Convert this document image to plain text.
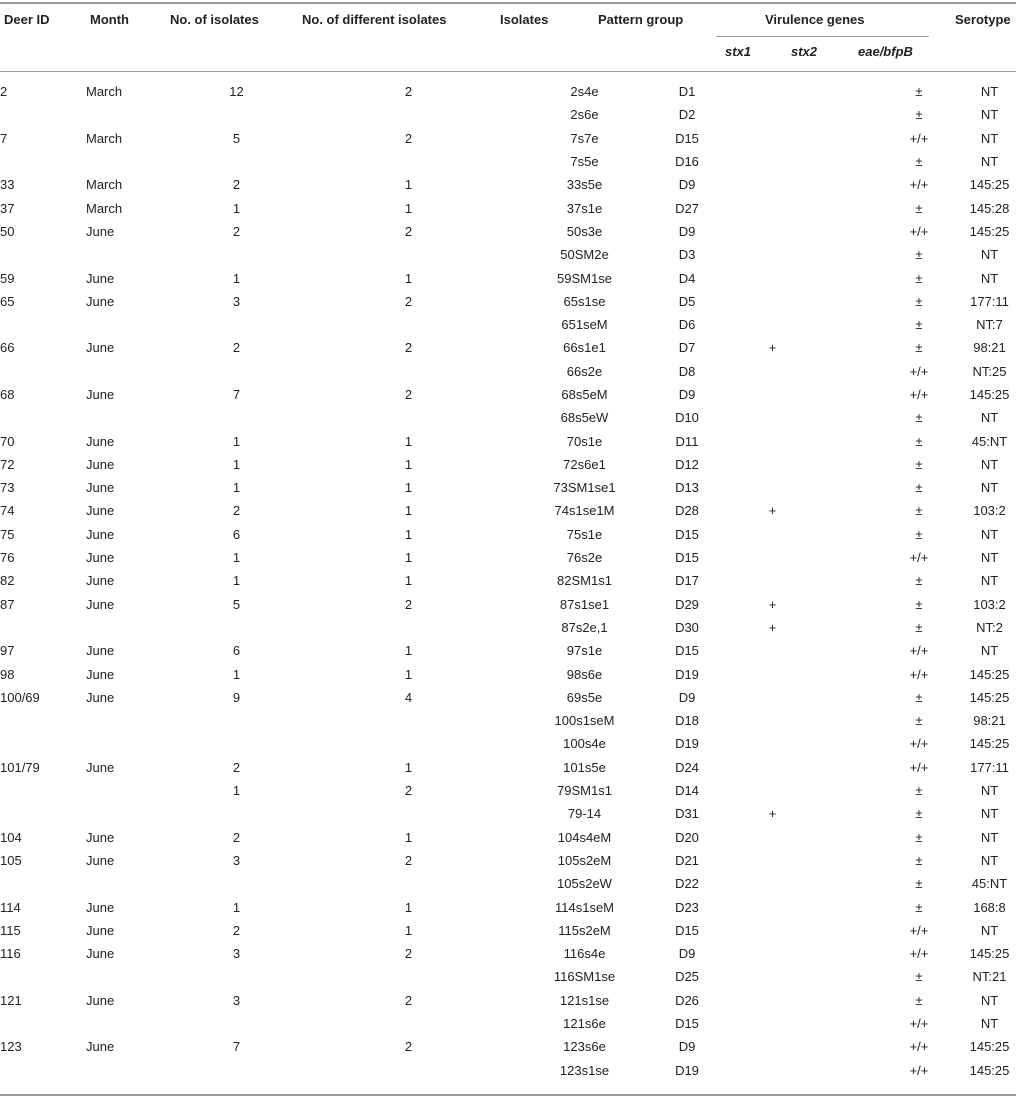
Deer ID	Month	No. of isolates	No. of different isolates	Isolates	Pattern group	Virulence genes	Serotype
stx1	stx2	eae/bfpB
2	March	12	2	2s4e	D1			±	NT
				2s6e	D2			±	NT
7	March	5	2	7s7e	D15			+/+	NT
				7s5e	D16			±	NT
33	March	2	1	33s5e	D9			+/+	145:25
37	March	1	1	37s1e	D27			±	145:28
50	June	2	2	50s3e	D9			+/+	145:25
				50SM2e	D3			±	NT
59	June	1	1	59SM1se	D4			±	NT
65	June	3	2	65s1se	D5			±	177:11
				651seM	D6			±	NT:7
66	June	2	2	66s1e1	D7	+		±	98:21
				66s2e	D8			+/+	NT:25
68	June	7	2	68s5eM	D9			+/+	145:25
				68s5eW	D10			±	NT
70	June	1	1	70s1e	D11			±	45:NT
72	June	1	1	72s6e1	D12			±	NT
73	June	1	1	73SM1se1	D13			±	NT
74	June	2	1	74s1se1M	D28	+		±	103:2
75	June	6	1	75s1e	D15			±	NT
76	June	1	1	76s2e	D15			+/+	NT
82	June	1	1	82SM1s1	D17			±	NT
87	June	5	2	87s1se1	D29	+		±	103:2
				87s2e,1	D30	+		±	NT:2
97	June	6	1	97s1e	D15			+/+	NT
98	June	1	1	98s6e	D19			+/+	145:25
100/69	June	9	4	69s5e	D9			±	145:25
				100s1seM	D18			±	98:21
				100s4e	D19			+/+	145:25
101/79	June	2	1	101s5e	D24			+/+	177:11
		1	2	79SM1s1	D14			±	NT
				79-14	D31	+		±	NT
104	June	2	1	104s4eM	D20			±	NT
105	June	3	2	105s2eM	D21			±	NT
				105s2eW	D22			±	45:NT
114	June	1	1	114s1seM	D23			±	168:8
115	June	2	1	115s2eM	D15			+/+	NT
116	June	3	2	116s4e	D9			+/+	145:25
				116SM1se	D25			±	NT:21
121	June	3	2	121s1se	D26			±	NT
				121s6e	D15			+/+	NT
123	June	7	2	123s6e	D9			+/+	145:25
				123s1se	D19			+/+	145:25
